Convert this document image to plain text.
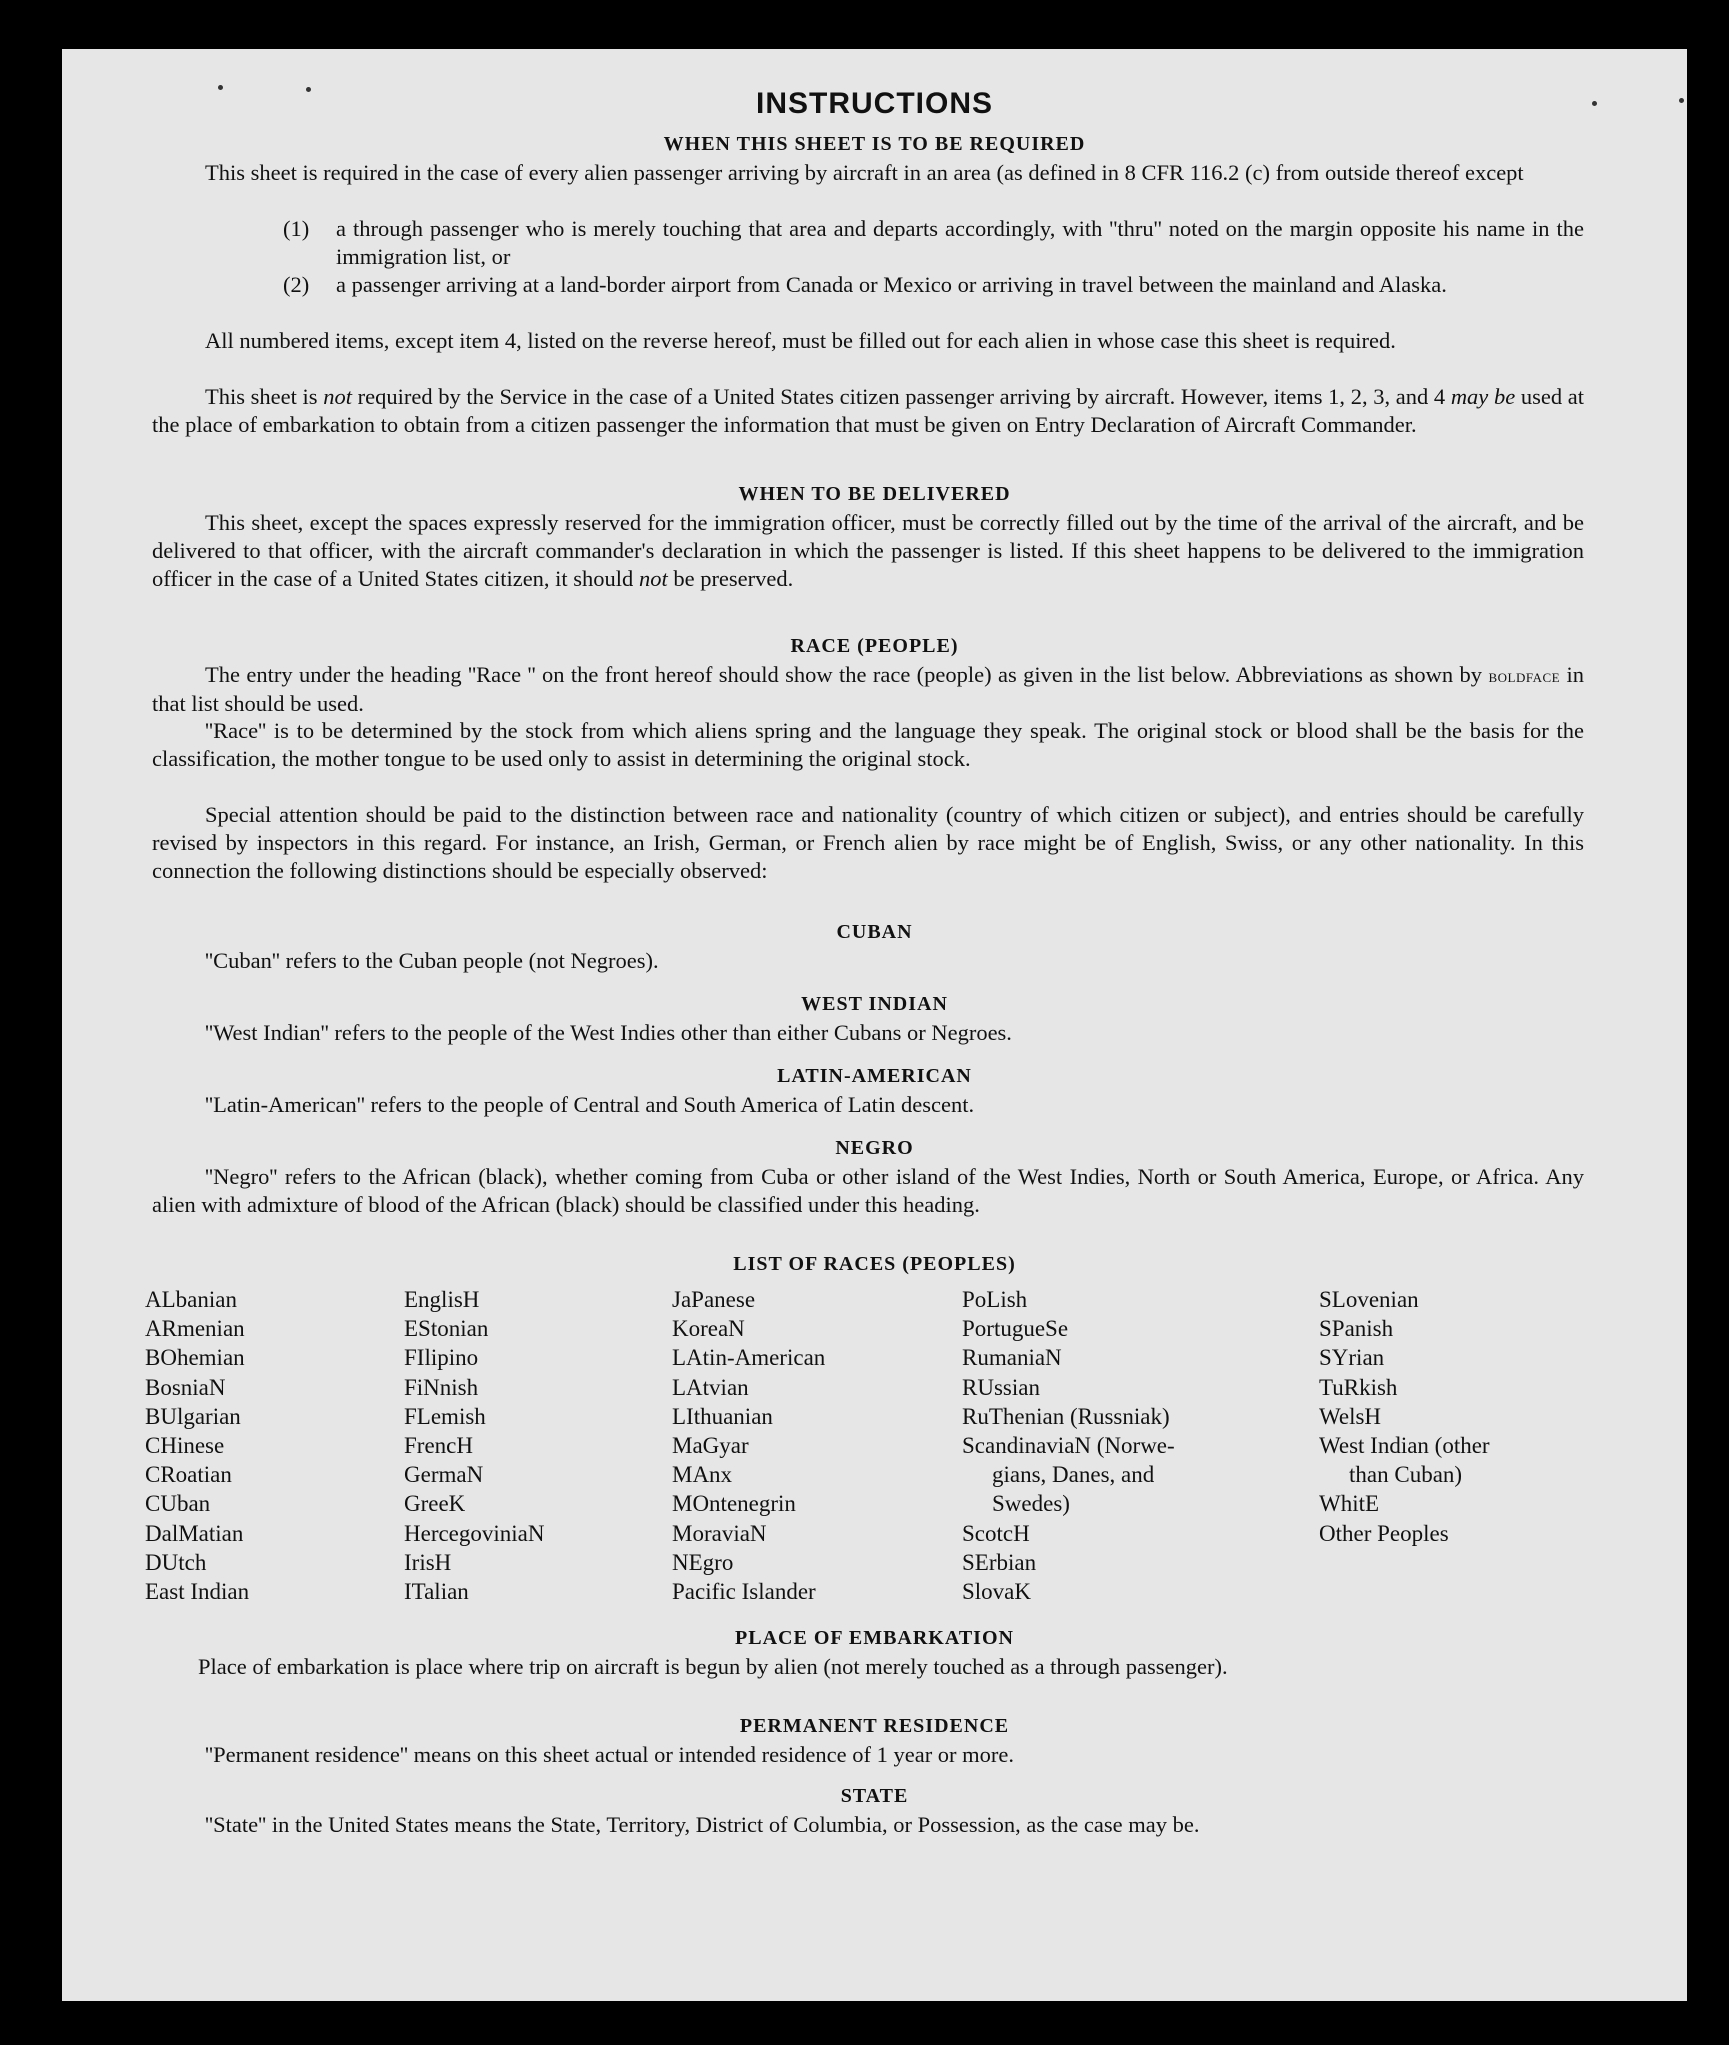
INSTRUCTIONS
WHEN THIS SHEET IS TO BE REQUIRED
This sheet is required in the case of every alien passenger arriving by aircraft in an area (as defined in 8 CFR 116.2 (c) from outside thereof except
(1)	a through passenger who is merely touching that area and departs accordingly, with ''thru'' noted on the margin opposite his name in the immigration list, or
(2)	a passenger arriving at a land-border airport from Canada or Mexico or arriving in travel between the mainland and Alaska.
All numbered items, except item 4, listed on the reverse hereof, must be filled out for each alien in whose case this sheet is required.
This sheet is not required by the Service in the case of a United States citizen passenger arriving by aircraft. However, items 1, 2, 3, and 4 may be used at the place of embarkation to obtain from a citizen passenger the information that must be given on Entry Declaration of Aircraft Commander.
WHEN TO BE DELIVERED
This sheet, except the spaces expressly reserved for the immigration officer, must be correctly filled out by the time of the arrival of the aircraft, and be delivered to that officer, with the aircraft commander's declaration in which the passenger is listed. If this sheet happens to be delivered to the immigration officer in the case of a United States citizen, it should not be preserved.
RACE (PEOPLE)
The entry under the heading ''Race '' on the front hereof should show the race (people) as given in the list below. Abbreviations as shown by boldface in that list should be used.
''Race'' is to be determined by the stock from which aliens spring and the language they speak. The original stock or blood shall be the basis for the classification, the mother tongue to be used only to assist in determining the original stock.
Special attention should be paid to the distinction between race and nationality (country of which citizen or subject), and entries should be carefully revised by inspectors in this regard. For instance, an Irish, German, or French alien by race might be of English, Swiss, or any other nationality. In this connection the following distinctions should be especially observed:
CUBAN
''Cuban'' refers to the Cuban people (not Negroes).
WEST INDIAN
''West Indian'' refers to the people of the West Indies other than either Cubans or Negroes.
LATIN-AMERICAN
''Latin-American'' refers to the people of Central and South America of Latin descent.
NEGRO
''Negro'' refers to the African (black), whether coming from Cuba or other island of the West Indies, North or South America, Europe, or Africa. Any alien with admixture of blood of the African (black) should be classified under this heading.
LIST OF RACES (PEOPLES)
ALbanian
ARmenian
BOhemian
BosniaN
BUlgarian
CHinese
CRoatian
CUban
DalMatian
DUtch
East Indian
EnglisH
EStonian
FIlipino
FiNnish
FLemish
FrencH
GermaN
GreeK
HercegoviniaN
IrisH
ITalian
JaPanese
KoreaN
LAtin-American
LAtvian
LIthuanian
MaGyar
MAnx
MOntenegrin
MoraviaN
NEgro
Pacific Islander
PoLish
PortugueSe
RumaniaN
RUssian
RuThenian (Russniak)
ScandinaviaN (Norwe-
gians, Danes, and
Swedes)
ScotcH
SErbian
SlovaK
SLovenian
SPanish
SYrian
TuRkish
WelsH
West Indian (other
than Cuban)
WhitE
Other Peoples
PLACE OF EMBARKATION
Place of embarkation is place where trip on aircraft is begun by alien (not merely touched as a through passenger).
PERMANENT RESIDENCE
''Permanent residence'' means on this sheet actual or intended residence of 1 year or more.
STATE
''State'' in the United States means the State, Territory, District of Columbia, or Possession, as the case may be.
